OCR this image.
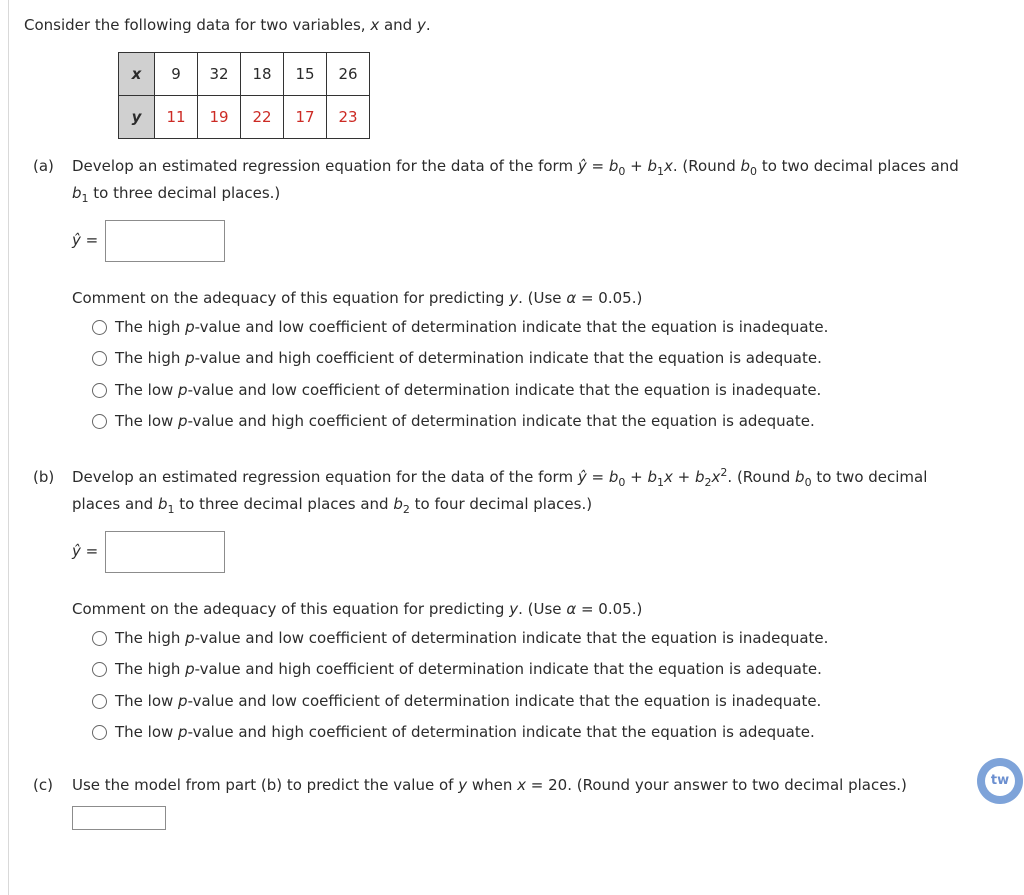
Consider the following data for two variables, x and y.
x	9	32	18	15	26
y	11	19	22	17	23
(a) Develop an estimated regression equation for the data of the form ŷ = $b_0 + b_1x$. (Round $b_0$ to two decimal places and
$b_1$ to three decimal places.)
ŷ =
Comment on the adequacy of this equation for predicting y. (Use α = 0.05.)
The high p-value and low coefficient of determination indicate that the equation is inadequate.
The high p-value and high coefficient of determination indicate that the equation is adequate.
The low p-value and low coefficient of determination indicate that the equation is inadequate.
The low p-value and high coefficient of determination indicate that the equation is adequate.
(b) Develop an estimated regression equation for the data of the form ŷ = $b_0 + b_1x + b_2x^2$. (Round $b_0$ to two decimal
places and $b_1$ to three decimal places and $b_2$ to four decimal places.)
ŷ =
Comment on the adequacy of this equation for predicting y. (Use α = 0.05.)
The high p-value and low coefficient of determination indicate that the equation is inadequate.
The high p-value and high coefficient of determination indicate that the equation is adequate.
The low p-value and low coefficient of determination indicate that the equation is inadequate.
The low p-value and high coefficient of determination indicate that the equation is adequate.
(c) Use the model from part (b) to predict the value of y when x = 20. (Round your answer to two decimal places.)	tw
